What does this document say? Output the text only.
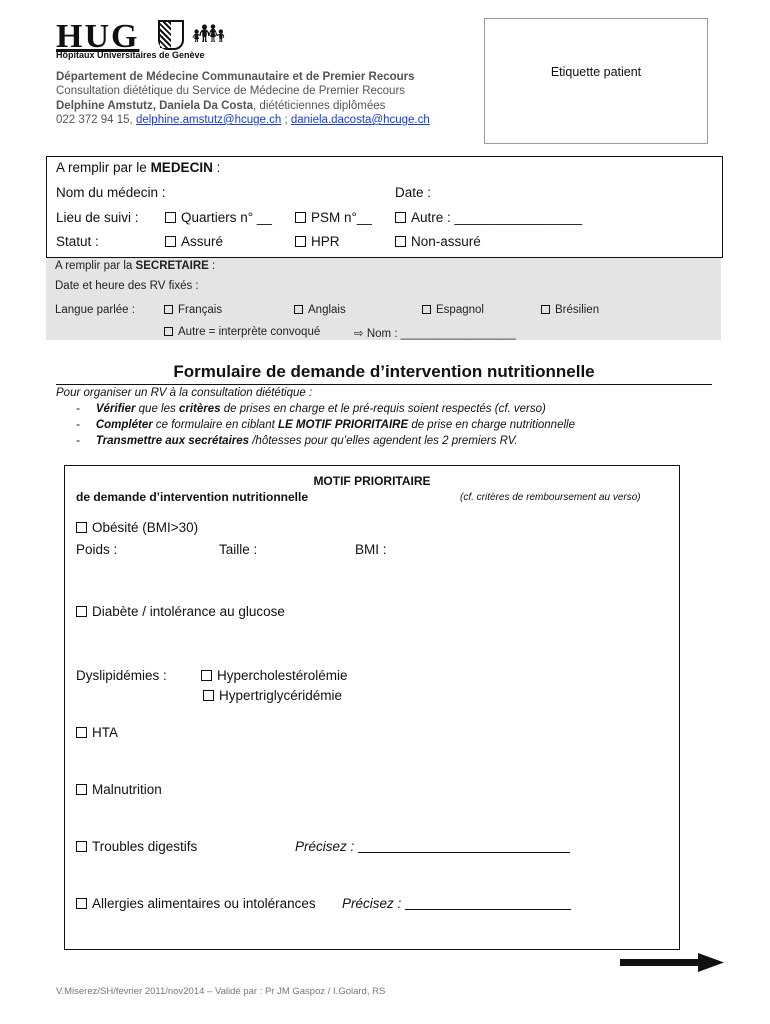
HUG 👪︎
Hôpitaux Universitaires de Genève
Département de Médecine Communautaire et de Premier Recours
Consultation diététique du Service de Médecine de Premier Recours
Delphine Amstutz, Daniela Da Costa, diététiciennes diplômées
022 372 94 15, delphine.amstutz@hcuge.ch ; daniela.dacosta@hcuge.ch
Etiquette patient
A remplir par le MEDECIN :
Nom du médecin :	Date :
Lieu de suivi :	Quartiers n° __	PSM n°__	Autre : _________________
Statut :	Assuré	HPR	Non-assuré
A remplir par la SECRETAIRE :
Date et heure des RV fixés :
Langue parlée :	Français	Anglais	Espagnol	Brésilien
Autre = interprète convoqué	⇨ Nom : __________________
Formulaire de demande d’intervention nutritionnelle
Pour organiser un RV à la consultation diététique :
- Vérifier que les critères de prises en charge et le pré-requis soient respectés (cf. verso)
- Compléter ce formulaire en ciblant LE MOTIF PRIORITAIRE de prise en charge nutritionnelle
- Transmettre aux secrétaires /hôtesses pour qu’elles agendent les 2 premiers RV.
MOTIF PRIORITAIRE
de demande d’intervention nutritionnelle	(cf. critères de remboursement au verso)
Obésité (BMI>30)
Poids :	Taille :	BMI :
Diabète / intolérance au glucose
Dyslipidémies :	Hypercholestérolémie
Hypertriglycéridémie
HTA
Malnutrition
Troubles digestifs	Précisez :
Allergies alimentaires ou intolérances Précisez :
V.Miserez/SH/fevrier 2011/nov2014 – Validé par : Pr JM Gaspoz / I.Golard, RS
